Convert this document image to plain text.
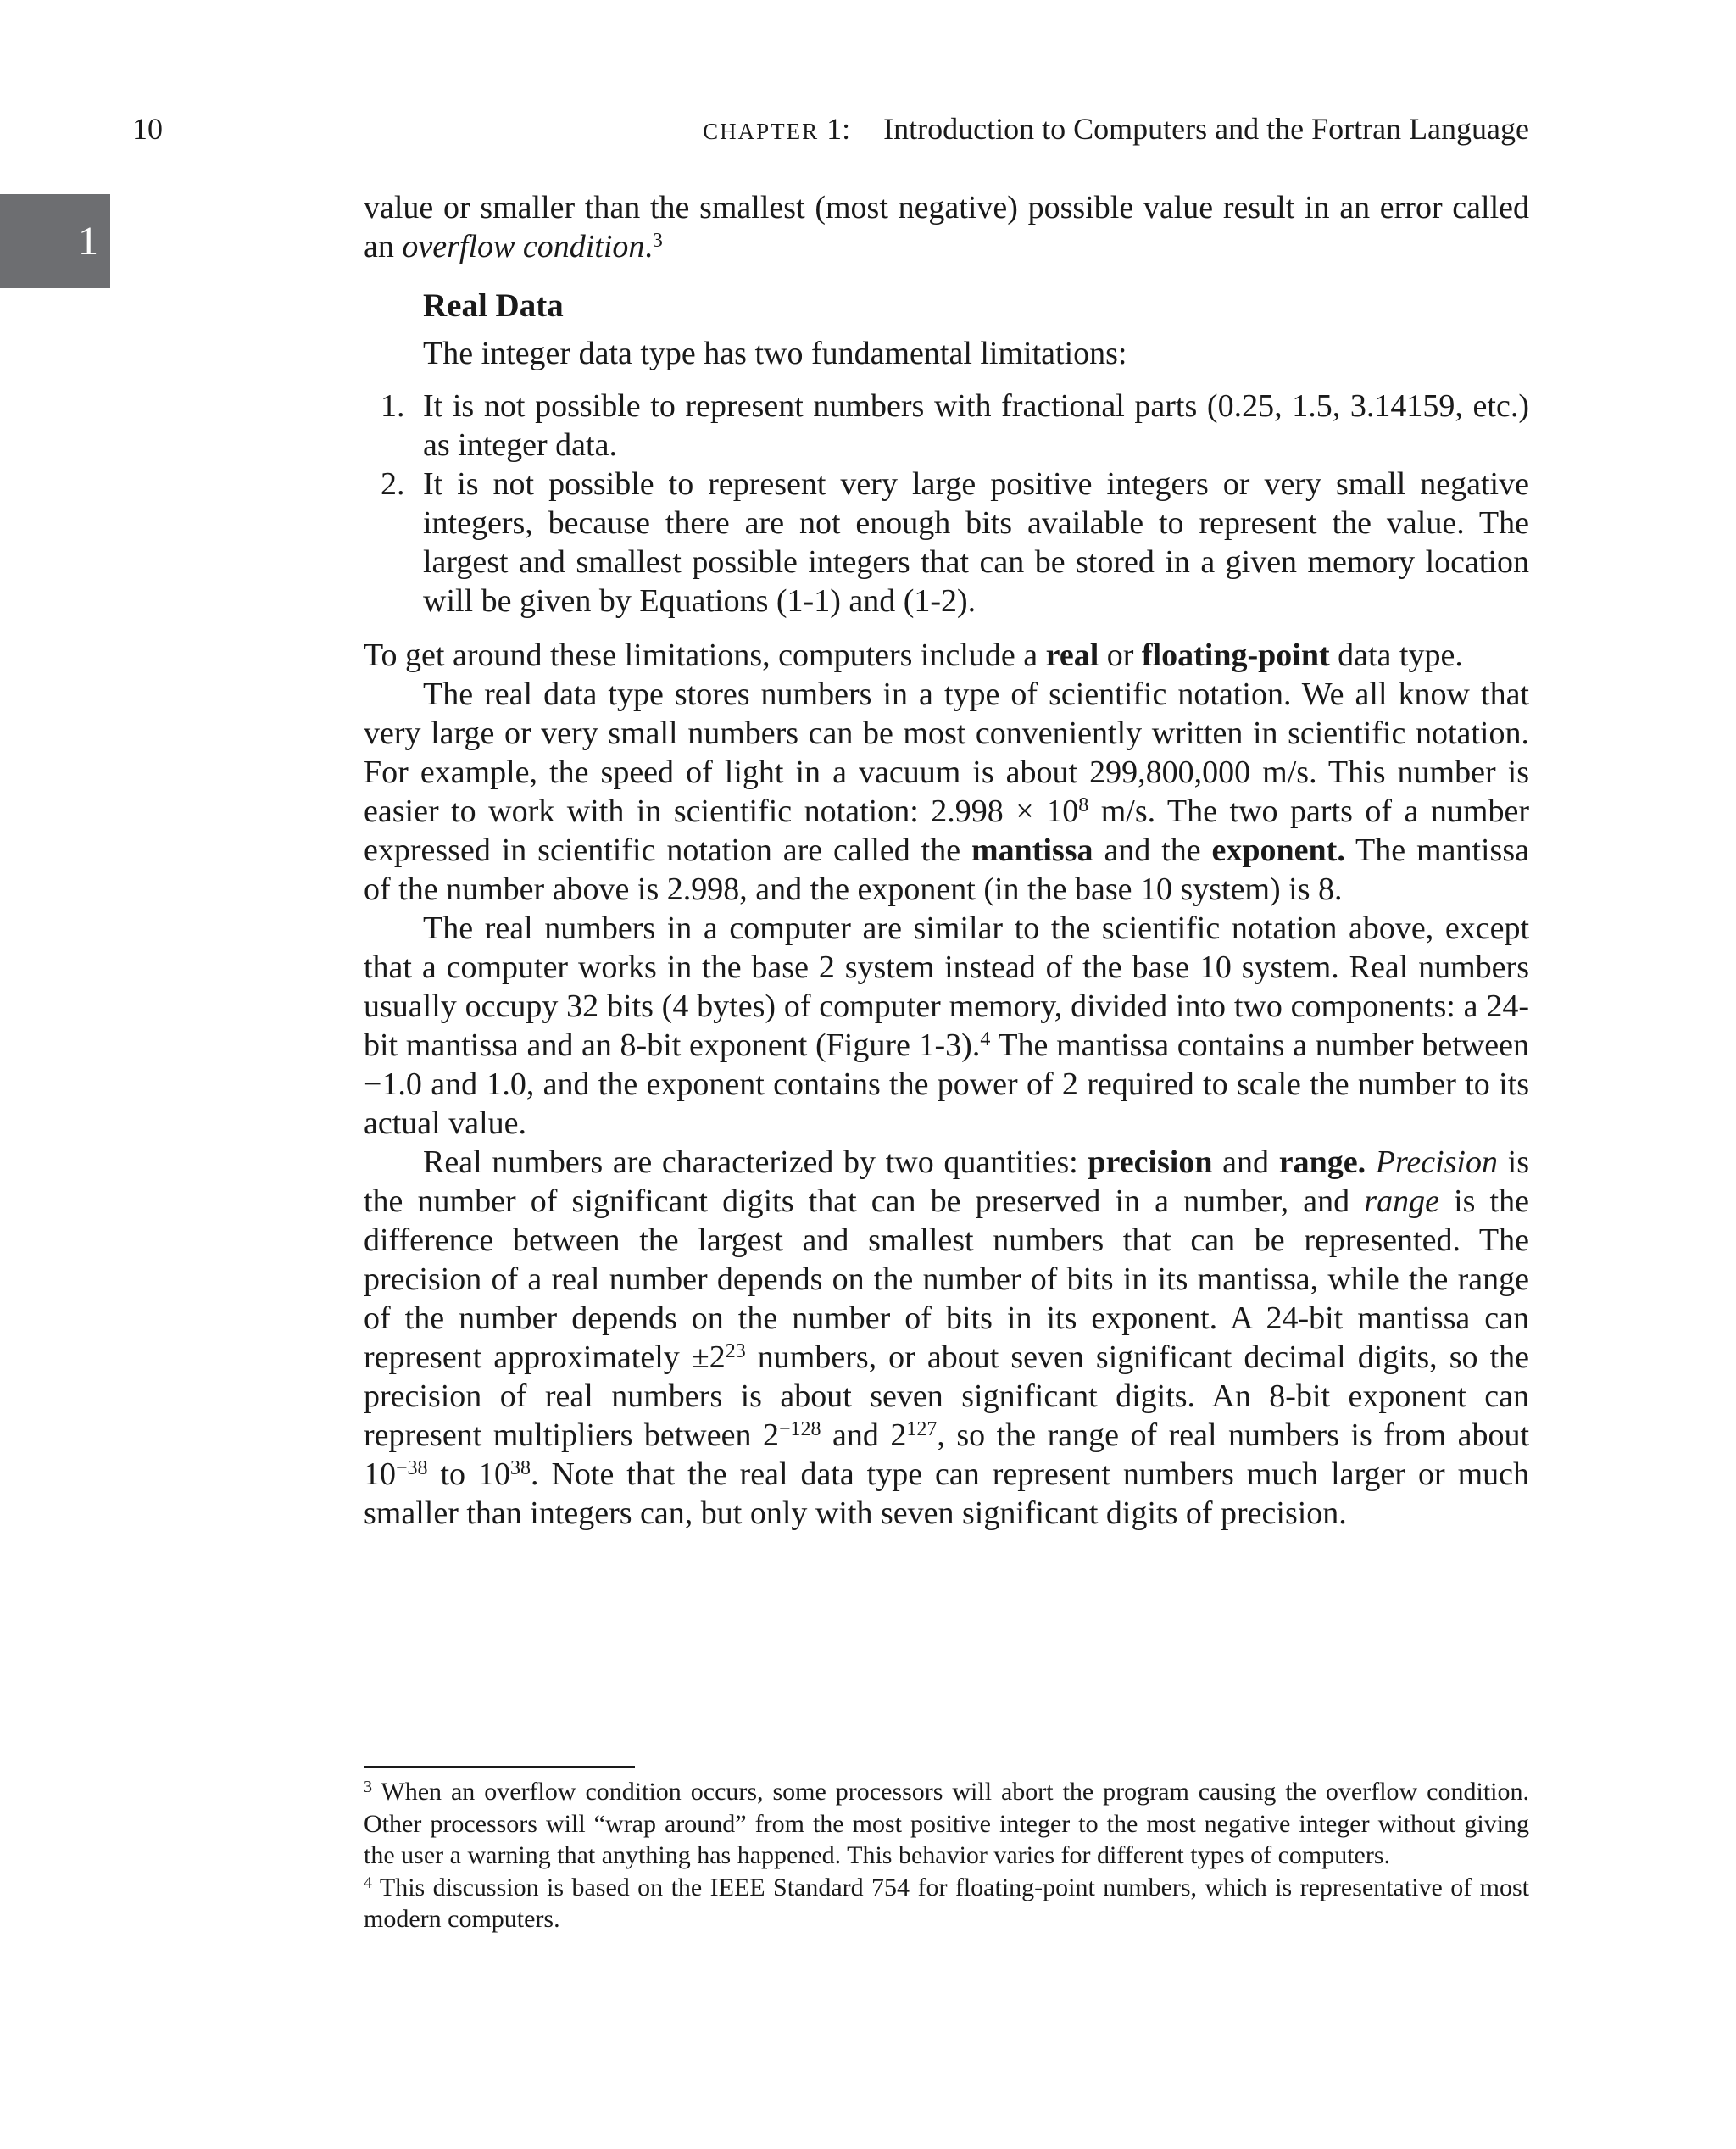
10	CHAPTER 1: Introduction to Computers and the Fortran Language
1

value or smaller than the smallest (most negative) possible value result in an error called an overflow condition.$^3$

Real Data

The integer data type has two fundamental limitations:

1. It is not possible to represent numbers with fractional parts (0.25, 1.5, 3.14159, etc.) as integer data.
2. It is not possible to represent very large positive integers or very small negative integers, because there are not enough bits available to represent the value. The largest and smallest possible integers that can be stored in a given memory location will be given by Equations (1-1) and (1-2).

To get around these limitations, computers include a real or floating-point data type.

The real data type stores numbers in a type of scientific notation. We all know that very large or very small numbers can be most conveniently written in scientific notation. For example, the speed of light in a vacuum is about 299,800,000 m/s. This number is easier to work with in scientific notation: $2.998 \times 10^8$ m/s. The two parts of a number expressed in scientific notation are called the mantissa and the exponent. The mantissa of the number above is 2.998, and the exponent (in the base 10 system) is 8.

The real numbers in a computer are similar to the scientific notation above, except that a computer works in the base 2 system instead of the base 10 system. Real numbers usually occupy 32 bits (4 bytes) of computer memory, divided into two components: a 24-bit mantissa and an 8-bit exponent (Figure 1-3).$^4$ The mantissa contains a number between −1.0 and 1.0, and the exponent contains the power of 2 required to scale the number to its actual value.

Real numbers are characterized by two quantities: precision and range. Precision is the number of significant digits that can be preserved in a number, and range is the difference between the largest and smallest numbers that can be represented. The precision of a real number depends on the number of bits in its mantissa, while the range of the number depends on the number of bits in its exponent. A 24-bit mantissa can represent approximately $\pm 2^{23}$ numbers, or about seven significant decimal digits, so the precision of real numbers is about seven significant digits. An 8-bit exponent can represent multipliers between $2^{-128}$ and $2^{127}$, so the range of real numbers is from about $10^{-38}$ to $10^{38}$. Note that the real data type can represent numbers much larger or much smaller than integers can, but only with seven significant digits of precision.

$^3$ When an overflow condition occurs, some processors will abort the program causing the overflow condition. Other processors will “wrap around” from the most positive integer to the most negative integer without giving the user a warning that anything has happened. This behavior varies for different types of computers.

$^4$ This discussion is based on the IEEE Standard 754 for floating-point numbers, which is representative of most modern computers.
